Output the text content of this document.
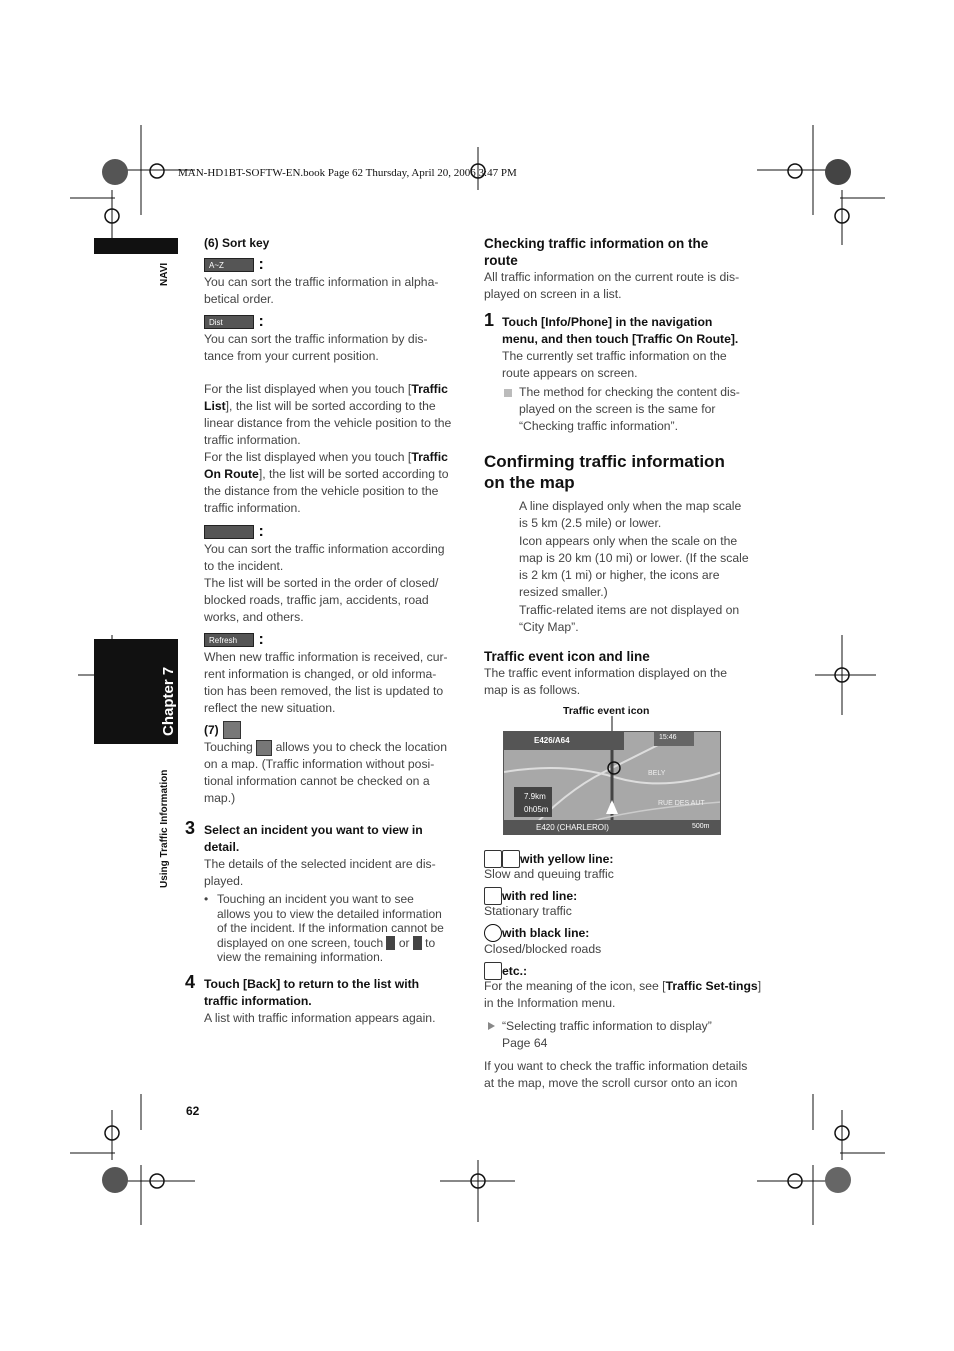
MAN-HD1BT-SOFTW-EN.book Page 62 Thursday, April 20, 2006 3:47 PM
NAVI
Chapter 7
Using Traffic Information
62
(6) Sort key
A~Z :
You can sort the traffic information in alpha-
betical order.
Dist :
You can sort the traffic information by dis-
tance from your current position.
For the list displayed when you touch [Traffic List], the list will be sorted according to the linear distance from the vehicle position to the traffic information.
For the list displayed when you touch [Traffic On Route], the list will be sorted according to the distance from the vehicle position to the traffic information.
:
You can sort the traffic information according
to the incident.
The list will be sorted in the order of closed/
blocked roads, traffic jam, accidents, road
works, and others.
Refresh :
When new traffic information is received, cur-
rent information is changed, or old informa-
tion has been removed, the list is updated to
reflect the new situation.
(7)
Touching allows you to check the location
on a map. (Traffic information without posi-
tional information cannot be checked on a
map.)
3 Select an incident you want to view in
detail.
The details of the selected incident are dis-
played.
• Touching an incident you want to see
allows you to view the detailed information
of the incident. If the information cannot be
displayed on one screen, touch or to
view the remaining information.
4 Touch [Back] to return to the list with
traffic information.
A list with traffic information appears again.
Checking traffic information on the
route
All traffic information on the current route is dis-
played on screen in a list.
1 Touch [Info/Phone] in the navigation
menu, and then touch [Traffic On Route].
The currently set traffic information on the
route appears on screen.
The method for checking the content dis-
played on the screen is the same for
“Checking traffic information”.
Confirming traffic information
on the map
A line displayed only when the map scale
is 5 km (2.5 mile) or lower.
Icon appears only when the scale on the
map is 20 km (10 mi) or lower. (If the scale
is 2 km (1 mi) or higher, the icons are
resized smaller.)
Traffic-related items are not displayed on
“City Map”.
Traffic event icon and line
The traffic event information displayed on the
map is as follows.
Traffic event icon
E426/A64	15:46
BELY
7.9km
0h05m
RUE DES AUT
E420 (CHARLEROI)	500m
with yellow line:
Slow and queuing traffic
with red line:
Stationary traffic
with black line:
Closed/blocked roads
etc.:
For the meaning of the icon, see [Traffic Set-tings] in the Information menu.
“Selecting traffic information to display”
Page 64
If you want to check the traffic information details
at the map, move the scroll cursor onto an icon
